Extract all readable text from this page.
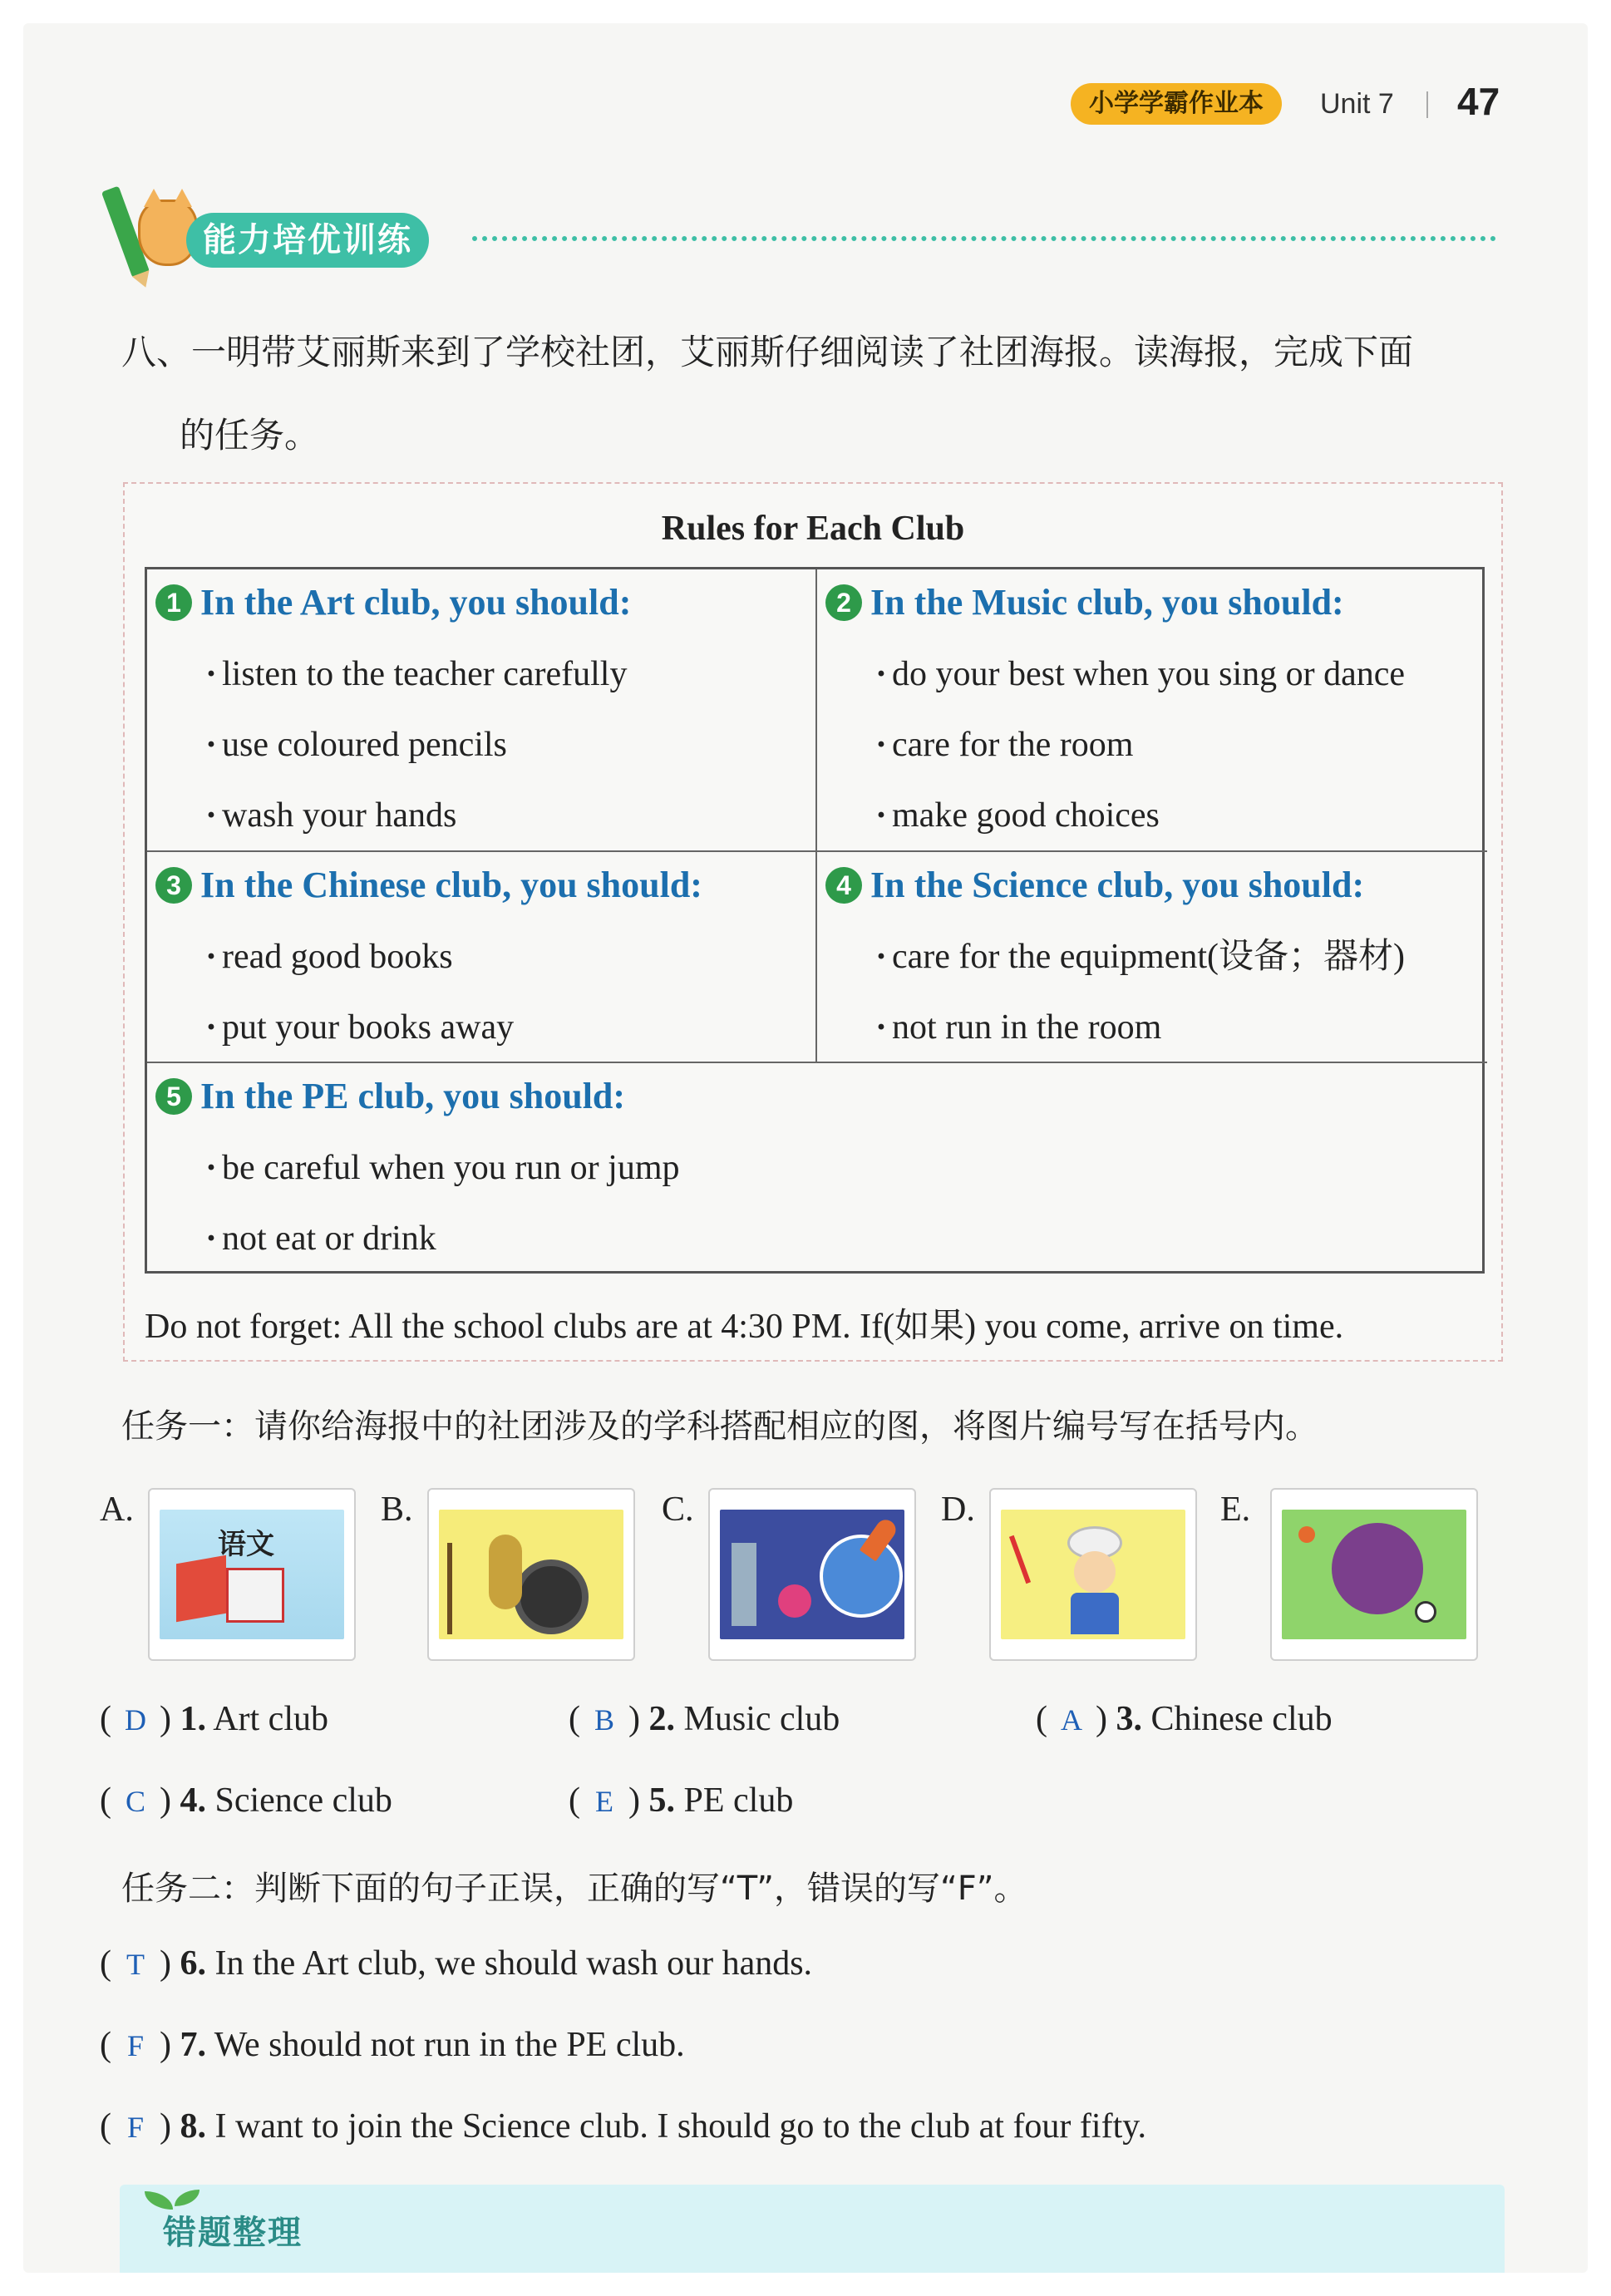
小学学霸作业本	Unit 7 47
能力培优训练
八、一明带艾丽斯来到了学校社团，艾丽斯仔细阅读了社团海报。读海报，完成下面
的任务。
Rules for Each Club
1 In the Art club, you should:
· listen to the teacher carefully
· use coloured pencils
· wash your hands
2 In the Music club, you should:
· do your best when you sing or dance
· care for the room
· make good choices
3 In the Chinese club, you should:
· read good books
· put your books away
4 In the Science club, you should:
· care for the equipment(设备；器材)
· not run in the room
5 In the PE club, you should:
· be careful when you run or jump
· not eat or drink
Do not forget: All the school clubs are at 4:30 PM. If(如果) you come, arrive on time.
任务一：请你给海报中的社团涉及的学科搭配相应的图，将图片编号写在括号内。
A.
语文
B.	C.	D.	E.
( D ) 1. Art club	( B ) 2. Music club	( A ) 3. Chinese club
( C ) 4. Science club	( E ) 5. PE club
任务二：判断下面的句子正误，正确的写“T”，错误的写“F”。
( T ) 6. In the Art club, we should wash our hands.
( F ) 7. We should not run in the PE club.
( F ) 8. I want to join the Science club. I should go to the club at four fifty.
错题整理
